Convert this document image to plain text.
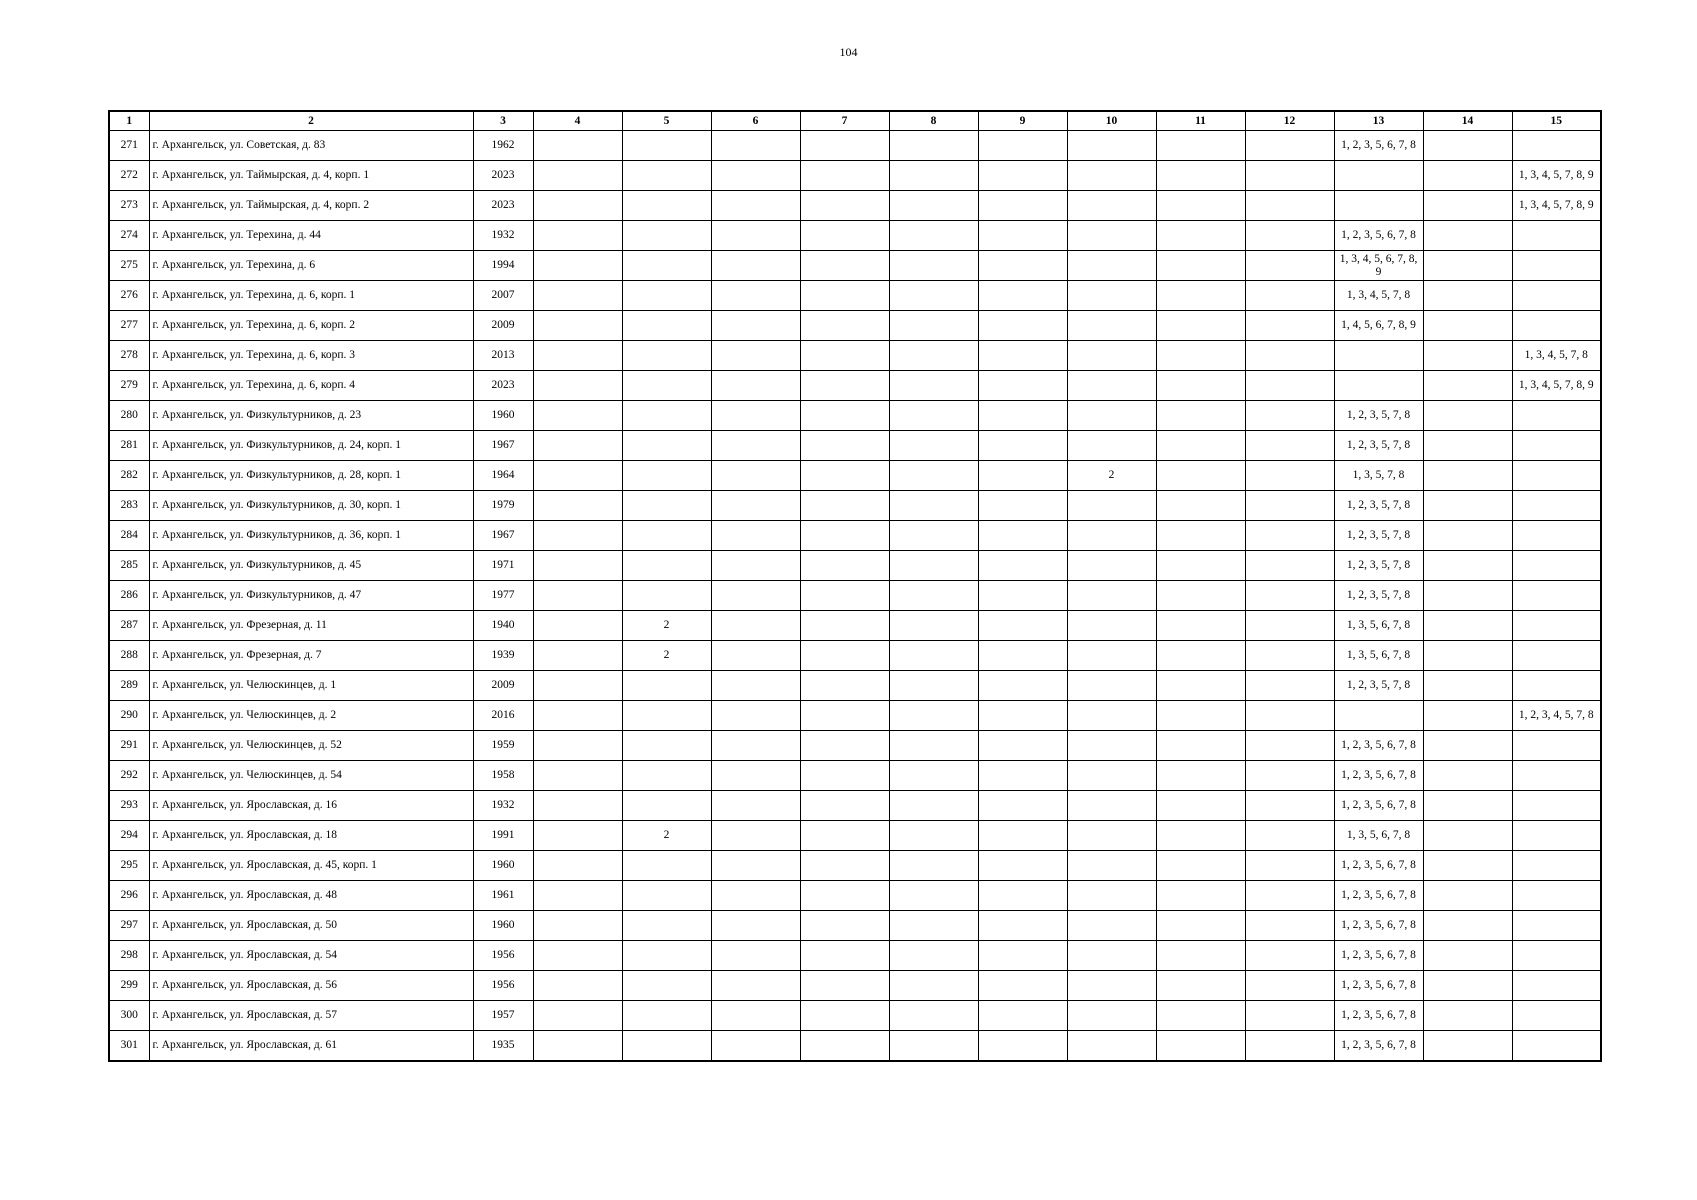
104
1	2	3	4	5	6	7	8	9	10	11	12	13	14	15
271	г. Архангельск, ул. Советская, д. 83	1962										1, 2, 3, 5, 6, 7, 8		
272	г. Архангельск, ул. Таймырская, д. 4, корп. 1	2023												1, 3, 4, 5, 7, 8, 9
273	г. Архангельск, ул. Таймырская, д. 4, корп. 2	2023												1, 3, 4, 5, 7, 8, 9
274	г. Архангельск, ул. Терехина, д. 44	1932										1, 2, 3, 5, 6, 7, 8		
275	г. Архангельск, ул. Терехина, д. 6	1994										1, 3, 4, 5, 6, 7, 8, 9		
276	г. Архангельск, ул. Терехина, д. 6, корп. 1	2007										1, 3, 4, 5, 7, 8		
277	г. Архангельск, ул. Терехина, д. 6, корп. 2	2009										1, 4, 5, 6, 7, 8, 9		
278	г. Архангельск, ул. Терехина, д. 6, корп. 3	2013												1, 3, 4, 5, 7, 8
279	г. Архангельск, ул. Терехина, д. 6, корп. 4	2023												1, 3, 4, 5, 7, 8, 9
280	г. Архангельск, ул. Физкультурников, д. 23	1960										1, 2, 3, 5, 7, 8		
281	г. Архангельск, ул. Физкультурников, д. 24, корп. 1	1967										1, 2, 3, 5, 7, 8		
282	г. Архангельск, ул. Физкультурников, д. 28, корп. 1	1964							2			1, 3, 5, 7, 8		
283	г. Архангельск, ул. Физкультурников, д. 30, корп. 1	1979										1, 2, 3, 5, 7, 8		
284	г. Архангельск, ул. Физкультурников, д. 36, корп. 1	1967										1, 2, 3, 5, 7, 8		
285	г. Архангельск, ул. Физкультурников, д. 45	1971										1, 2, 3, 5, 7, 8		
286	г. Архангельск, ул. Физкультурников, д. 47	1977										1, 2, 3, 5, 7, 8		
287	г. Архангельск, ул. Фрезерная, д. 11	1940		2								1, 3, 5, 6, 7, 8		
288	г. Архангельск, ул. Фрезерная, д. 7	1939		2								1, 3, 5, 6, 7, 8		
289	г. Архангельск, ул. Челюскинцев, д. 1	2009										1, 2, 3, 5, 7, 8		
290	г. Архангельск, ул. Челюскинцев, д. 2	2016												1, 2, 3, 4, 5, 7, 8
291	г. Архангельск, ул. Челюскинцев, д. 52	1959										1, 2, 3, 5, 6, 7, 8		
292	г. Архангельск, ул. Челюскинцев, д. 54	1958										1, 2, 3, 5, 6, 7, 8		
293	г. Архангельск, ул. Ярославская, д. 16	1932										1, 2, 3, 5, 6, 7, 8		
294	г. Архангельск, ул. Ярославская, д. 18	1991		2								1, 3, 5, 6, 7, 8		
295	г. Архангельск, ул. Ярославская, д. 45, корп. 1	1960										1, 2, 3, 5, 6, 7, 8		
296	г. Архангельск, ул. Ярославская, д. 48	1961										1, 2, 3, 5, 6, 7, 8		
297	г. Архангельск, ул. Ярославская, д. 50	1960										1, 2, 3, 5, 6, 7, 8		
298	г. Архангельск, ул. Ярославская, д. 54	1956										1, 2, 3, 5, 6, 7, 8		
299	г. Архангельск, ул. Ярославская, д. 56	1956										1, 2, 3, 5, 6, 7, 8		
300	г. Архангельск, ул. Ярославская, д. 57	1957										1, 2, 3, 5, 6, 7, 8		
301	г. Архангельск, ул. Ярославская, д. 61	1935										1, 2, 3, 5, 6, 7, 8		
